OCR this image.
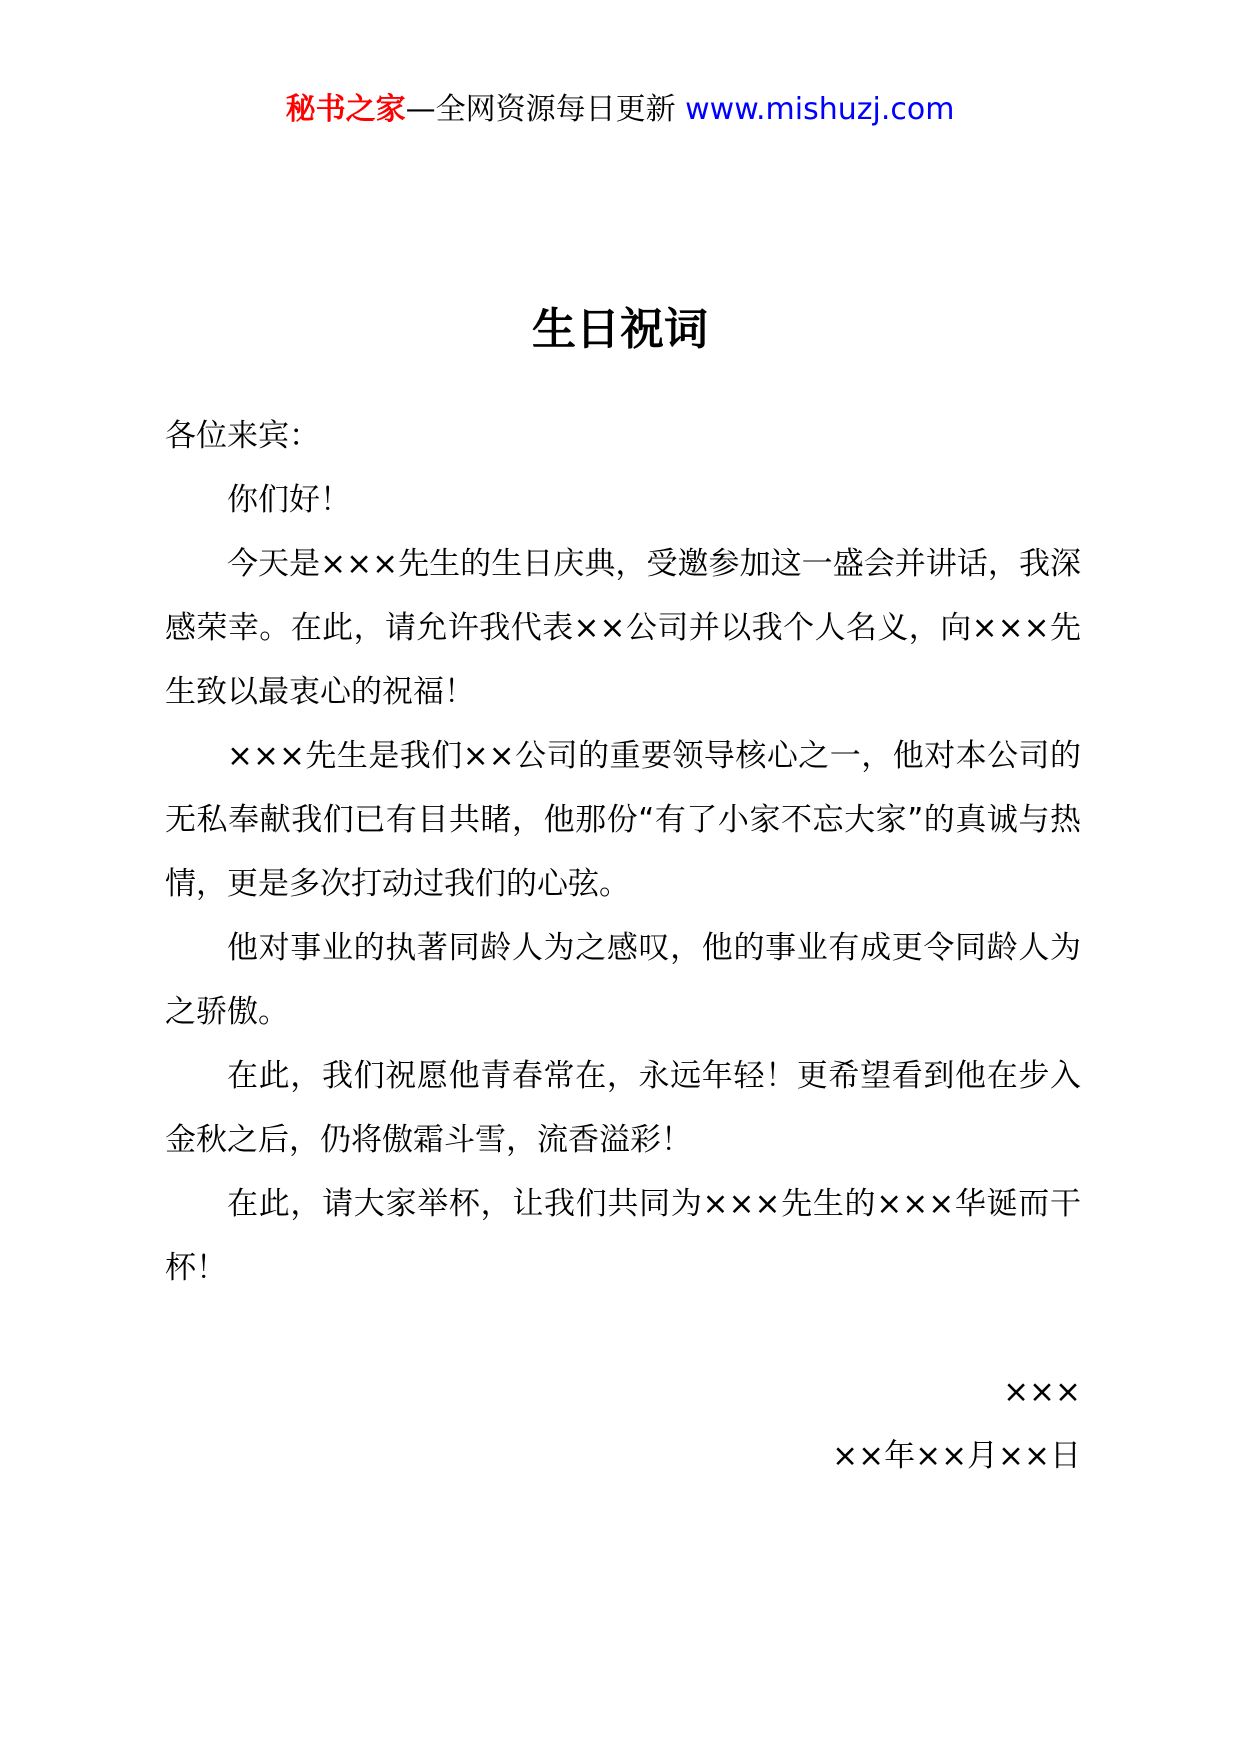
秘书之家—全网资源每日更新 www.mishuzj.com
生日祝词

各位来宾：

你们好！

今天是×××先生的生日庆典，受邀参加这一盛会并讲话，我深感荣幸。在此，请允许我代表××公司并以我个人名义，向×××先生致以最衷心的祝福！

×××先生是我们××公司的重要领导核心之一，他对本公司的无私奉献我们已有目共睹，他那份“有了小家不忘大家”的真诚与热情，更是多次打动过我们的心弦。

他对事业的执著同龄人为之感叹，他的事业有成更令同龄人为之骄傲。

在此，我们祝愿他青春常在，永远年轻！更希望看到他在步入金秋之后，仍将傲霜斗雪，流香溢彩！

在此，请大家举杯，让我们共同为×××先生的×××华诞而干杯！

×××
××年××月××日
